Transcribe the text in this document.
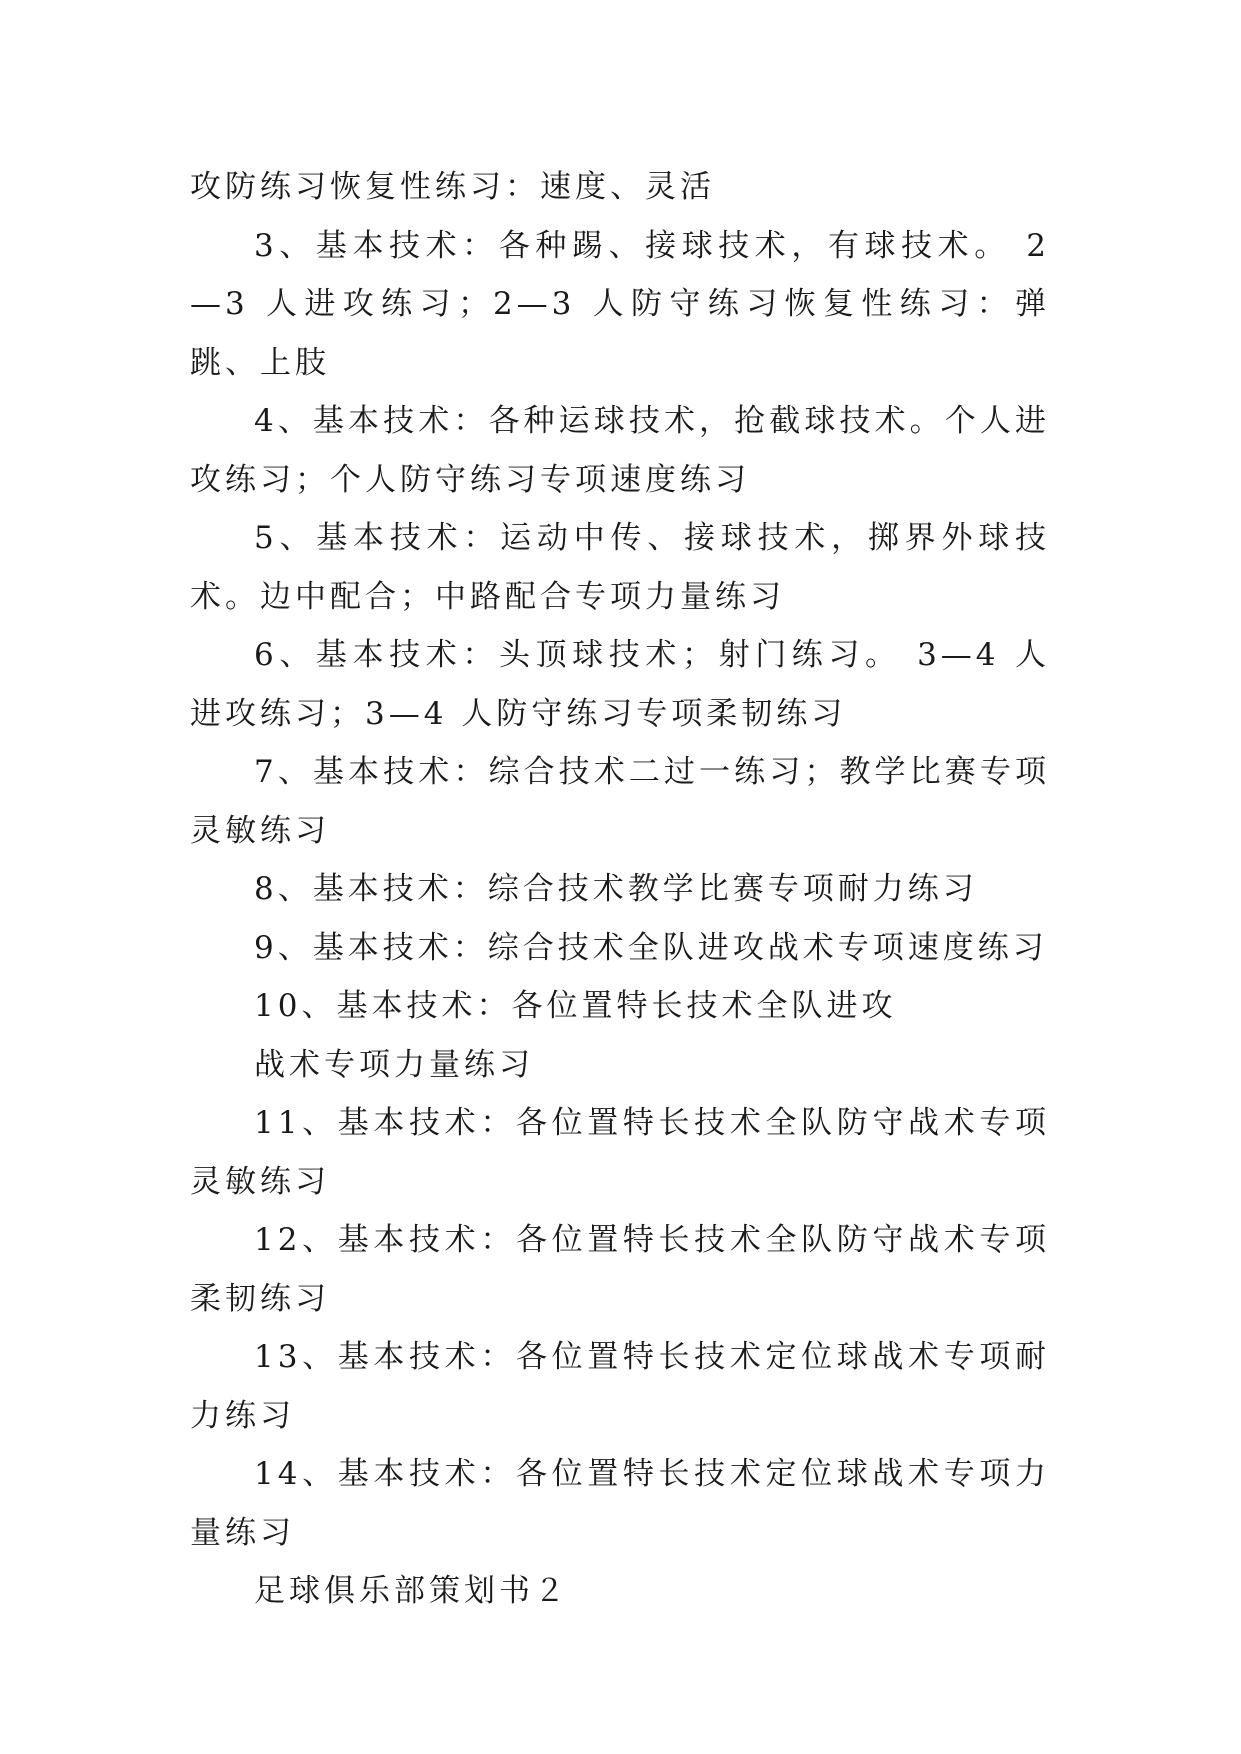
攻防练习恢复性练习：速度、灵活

3、基本技术：各种踢、接球技术，有球技术。 2—3 人进攻练习；2—3 人防守练习恢复性练习：弹跳、上肢

4、基本技术：各种运球技术，抢截球技术。个人进攻练习；个人防守练习专项速度练习

5、基本技术：运动中传、接球技术，掷界外球技术。边中配合；中路配合专项力量练习

6、基本技术：头顶球技术；射门练习。 3—4 人进攻练习；3—4 人防守练习专项柔韧练习

7、基本技术：综合技术二过一练习；教学比赛专项灵敏练习

8、基本技术：综合技术教学比赛专项耐力练习

9、基本技术：综合技术全队进攻战术专项速度练习

10、基本技术：各位置特长技术全队进攻

战术专项力量练习

11、基本技术：各位置特长技术全队防守战术专项灵敏练习

12、基本技术：各位置特长技术全队防守战术专项柔韧练习

13、基本技术：各位置特长技术定位球战术专项耐力练习

14、基本技术：各位置特长技术定位球战术专项力量练习

足球俱乐部策划书２
